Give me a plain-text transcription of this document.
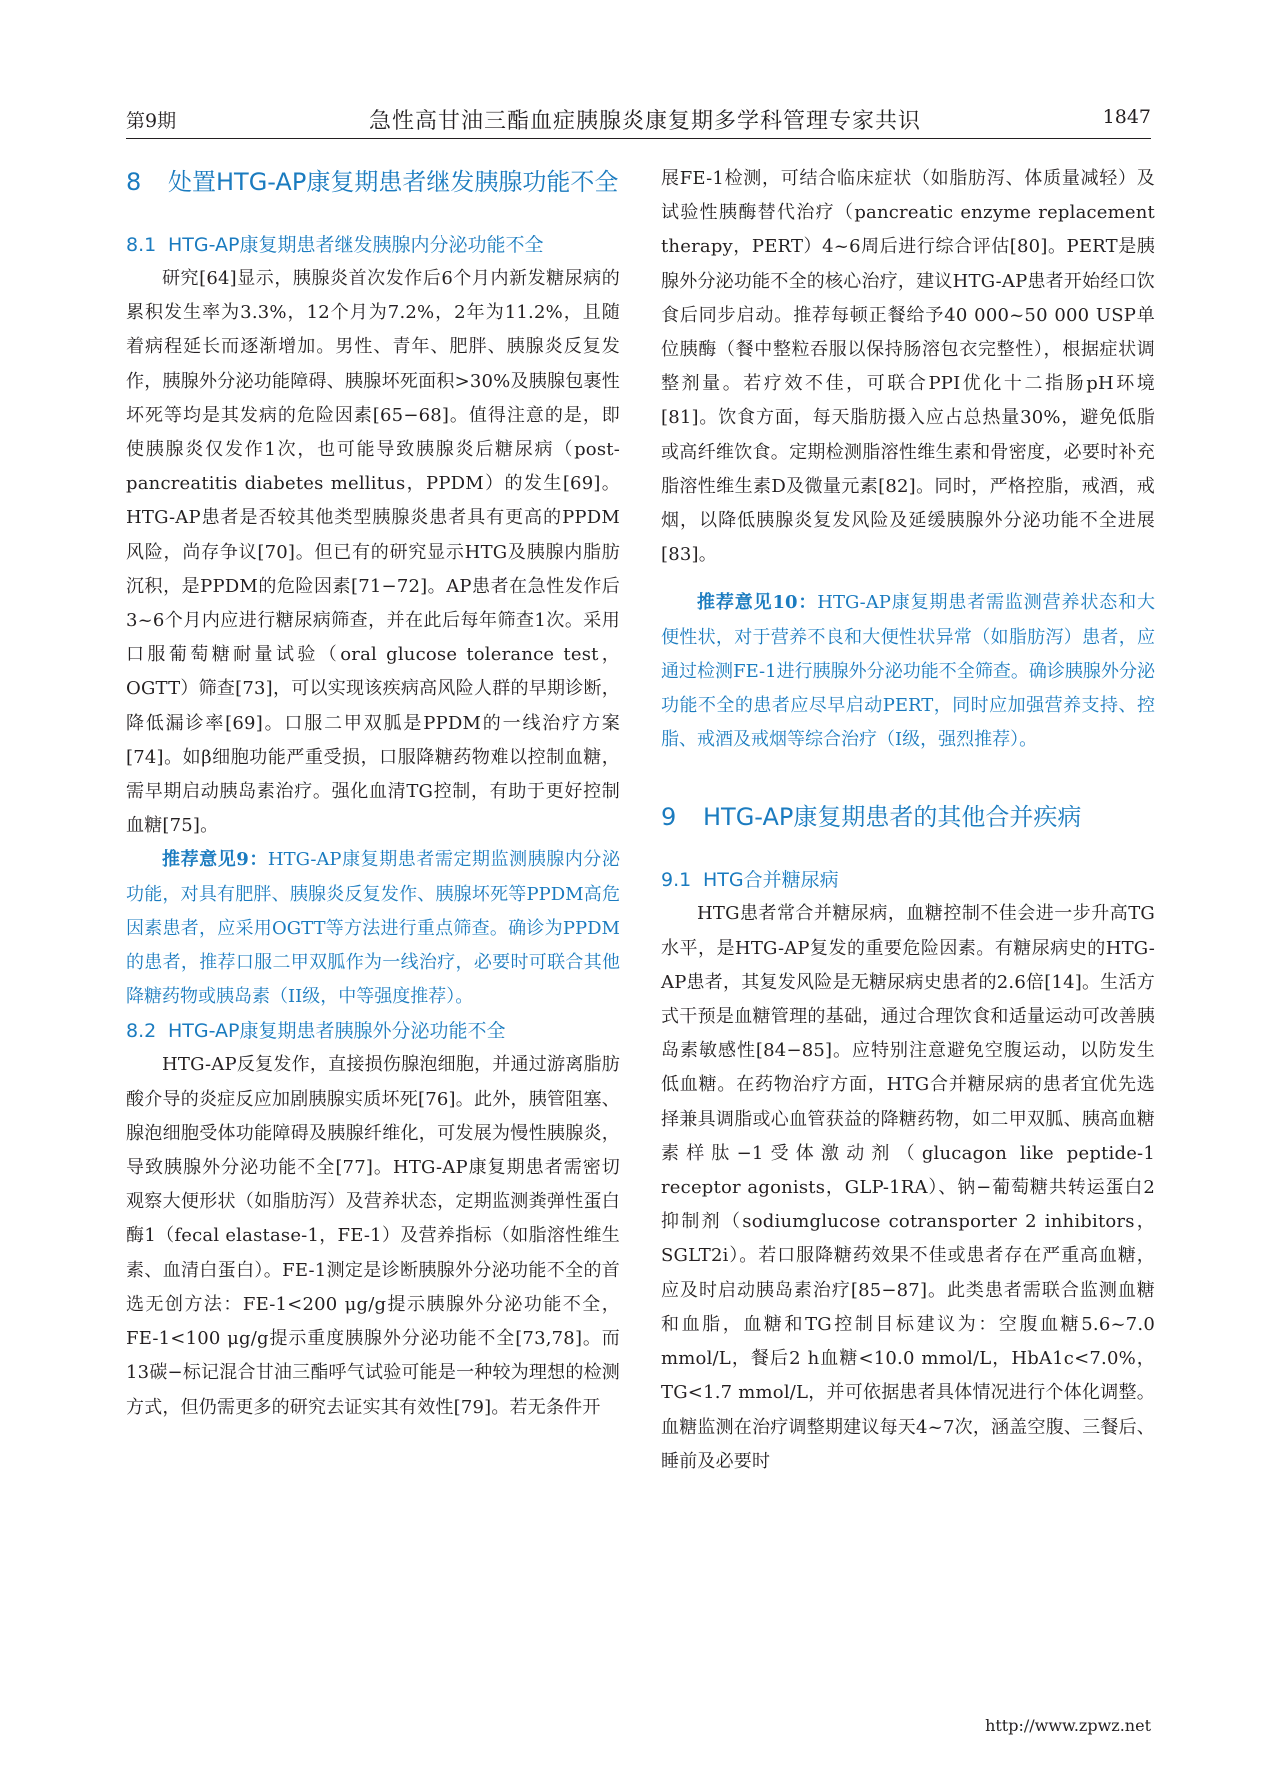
第9期	急性高甘油三酯血症胰腺炎康复期多学科管理专家共识	1847
8	处置HTG-AP康复期患者继发胰腺功能不全
8.1 HTG-AP康复期患者继发胰腺内分泌功能不全

研究[64]显示，胰腺炎首次发作后6个月内新发糖尿病的累积发生率为3.3%，12个月为7.2%，2年为11.2%，且随着病程延长而逐渐增加。男性、青年、肥胖、胰腺炎反复发作，胰腺外分泌功能障碍、胰腺坏死面积>30%及胰腺包裹性坏死等均是其发病的危险因素[65−68]。值得注意的是，即使胰腺炎仅发作1次，也可能导致胰腺炎后糖尿病（post-pancreatitis diabetes mellitus，PPDM）的发生[69]。HTG-AP患者是否较其他类型胰腺炎患者具有更高的PPDM风险，尚存争议[70]。但已有的研究显示HTG及胰腺内脂肪沉积，是PPDM的危险因素[71−72]。AP患者在急性发作后3~6个月内应进行糖尿病筛查，并在此后每年筛查1次。采用口服葡萄糖耐量试验（oral glucose tolerance test，OGTT）筛查[73]，可以实现该疾病高风险人群的早期诊断，降低漏诊率[69]。口服二甲双胍是PPDM的一线治疗方案[74]。如β细胞功能严重受损，口服降糖药物难以控制血糖，需早期启动胰岛素治疗。强化血清TG控制，有助于更好控制血糖[75]。

推荐意见9：HTG-AP康复期患者需定期监测胰腺内分泌功能，对具有肥胖、胰腺炎反复发作、胰腺坏死等PPDM高危因素患者，应采用OGTT等方法进行重点筛查。确诊为PPDM的患者，推荐口服二甲双胍作为一线治疗，必要时可联合其他降糖药物或胰岛素（II级，中等强度推荐）。

8.2 HTG-AP康复期患者胰腺外分泌功能不全

HTG-AP反复发作，直接损伤腺泡细胞，并通过游离脂肪酸介导的炎症反应加剧胰腺实质坏死[76]。此外，胰管阻塞、腺泡细胞受体功能障碍及胰腺纤维化，可发展为慢性胰腺炎，导致胰腺外分泌功能不全[77]。HTG-AP康复期患者需密切观察大便形状（如脂肪泻）及营养状态，定期监测粪弹性蛋白酶1（fecal elastase-1，FE-1）及营养指标（如脂溶性维生素、血清白蛋白）。FE-1测定是诊断胰腺外分泌功能不全的首选无创方法：FE-1<200 μg/g提示胰腺外分泌功能不全，FE-1<100 μg/g提示重度胰腺外分泌功能不全[73,78]。而13碳−标记混合甘油三酯呼气试验可能是一种较为理想的检测方式，但仍需更多的研究去证实其有效性[79]。若无条件开

展FE-1检测，可结合临床症状（如脂肪泻、体质量减轻）及试验性胰酶替代治疗（pancreatic enzyme replacement therapy，PERT）4~6周后进行综合评估[80]。PERT是胰腺外分泌功能不全的核心治疗，建议HTG-AP患者开始经口饮食后同步启动。推荐每顿正餐给予40 000~50 000 USP单位胰酶（餐中整粒吞服以保持肠溶包衣完整性），根据症状调整剂量。若疗效不佳，可联合PPI优化十二指肠pH环境[81]。饮食方面，每天脂肪摄入应占总热量30%，避免低脂或高纤维饮食。定期检测脂溶性维生素和骨密度，必要时补充脂溶性维生素D及微量元素[82]。同时，严格控脂，戒酒，戒烟，以降低胰腺炎复发风险及延缓胰腺外分泌功能不全进展[83]。

推荐意见10：HTG-AP康复期患者需监测营养状态和大便性状，对于营养不良和大便性状异常（如脂肪泻）患者，应通过检测FE-1进行胰腺外分泌功能不全筛查。确诊胰腺外分泌功能不全的患者应尽早启动PERT，同时应加强营养支持、控脂、戒酒及戒烟等综合治疗（I级，强烈推荐）。

9	HTG-AP康复期患者的其他合并疾病
9.1 HTG合并糖尿病

HTG患者常合并糖尿病，血糖控制不佳会进一步升高TG水平，是HTG-AP复发的重要危险因素。有糖尿病史的HTG-AP患者，其复发风险是无糖尿病史患者的2.6倍[14]。生活方式干预是血糖管理的基础，通过合理饮食和适量运动可改善胰岛素敏感性[84−85]。应特别注意避免空腹运动，以防发生低血糖。在药物治疗方面，HTG合并糖尿病的患者宜优先选择兼具调脂或心血管获益的降糖药物，如二甲双胍、胰高血糖素样肽−1受体激动剂（glucagon like peptide-1 receptor agonists，GLP-1RA）、钠−葡萄糖共转运蛋白2抑制剂（sodiumglucose cotransporter 2 inhibitors，SGLT2i）。若口服降糖药效果不佳或患者存在严重高血糖，应及时启动胰岛素治疗[85−87]。此类患者需联合监测血糖和血脂，血糖和TG控制目标建议为：空腹血糖5.6~7.0 mmol/L，餐后2 h血糖<10.0 mmol/L，HbA1c<7.0%，TG<1.7 mmol/L，并可依据患者具体情况进行个体化调整。血糖监测在治疗调整期建议每天4~7次，涵盖空腹、三餐后、睡前及必要时

http://www.zpwz.net
